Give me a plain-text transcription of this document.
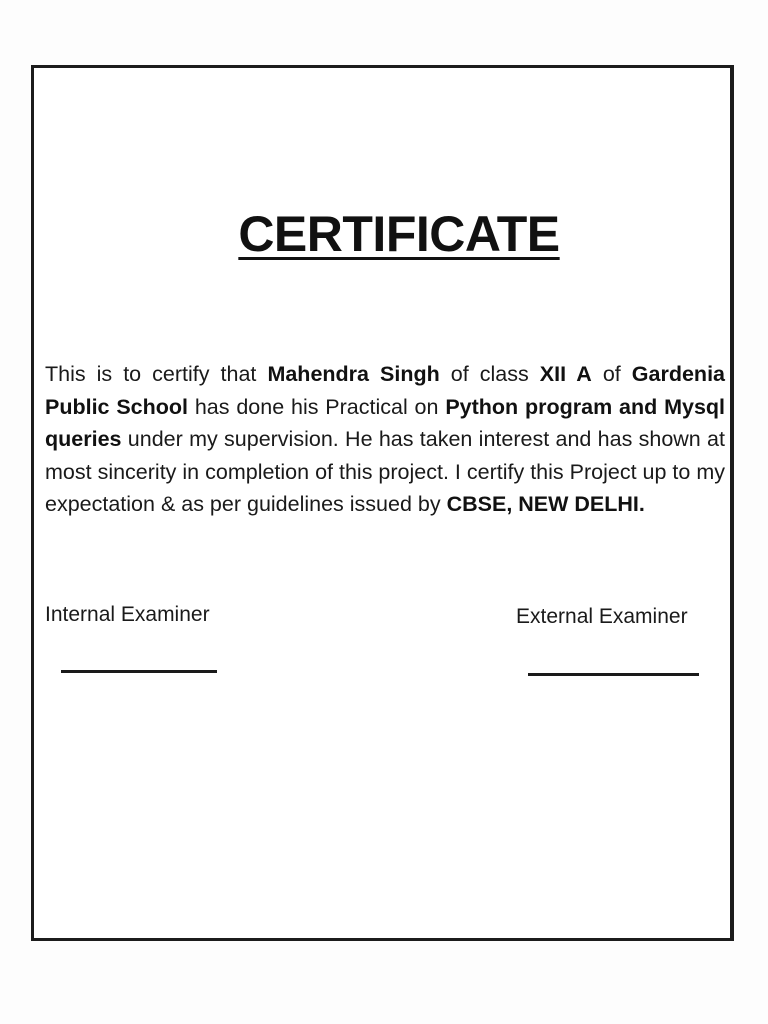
CERTIFICATE

This is to certify that Mahendra Singh of class XII A of Gardenia Public School has done his Practical on Python program and Mysql queries under my supervision. He has taken interest and has shown at most sincerity in completion of this project. I certify this Project up to my expectation & as per guidelines issued by CBSE, NEW DELHI.

Internal Examiner	External Examiner
